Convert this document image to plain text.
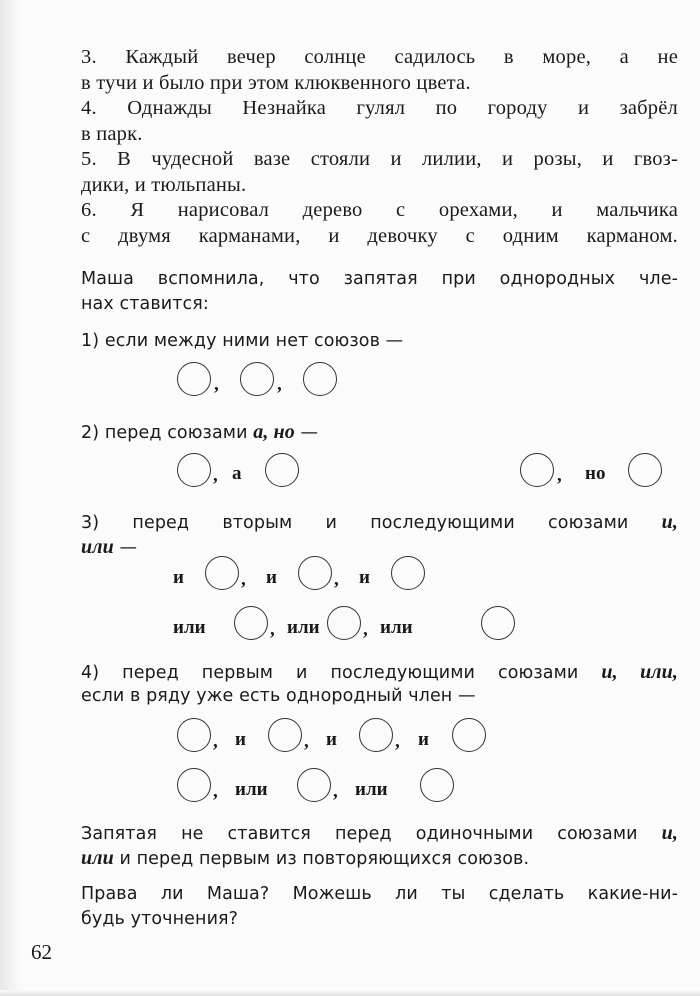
3. Каждый вечер солнце садилось в море, а не
в тучи и было при этом клюквенного цвета.
4. Однажды Незнайка гулял по городу и забрёл
в парк.
5. В чудесной вазе стояли и лилии, и розы, и гвоз-
дики, и тюльпаны.
6. Я нарисовал дерево с орехами, и мальчика
с двумя карманами, и девочку с одним карманом.
Маша вспомнила, что запятая при однородных чле-
нах ставится:
1) если между ними нет союзов —
,	,
2) перед союзами а, но —
, а	, но
3) перед вторым и последующими союзами и,
или —
и	, и	, и
или	, или , или
4) перед первым и последующими союзами и, или,
если в ряду уже есть однородный член —
, и	, и	, и
, или	, или
Запятая не ставится перед одиночными союзами и,
или и перед первым из повторяющихся союзов.
Права ли Маша? Можешь ли ты сделать какие-ни-
будь уточнения?
62
